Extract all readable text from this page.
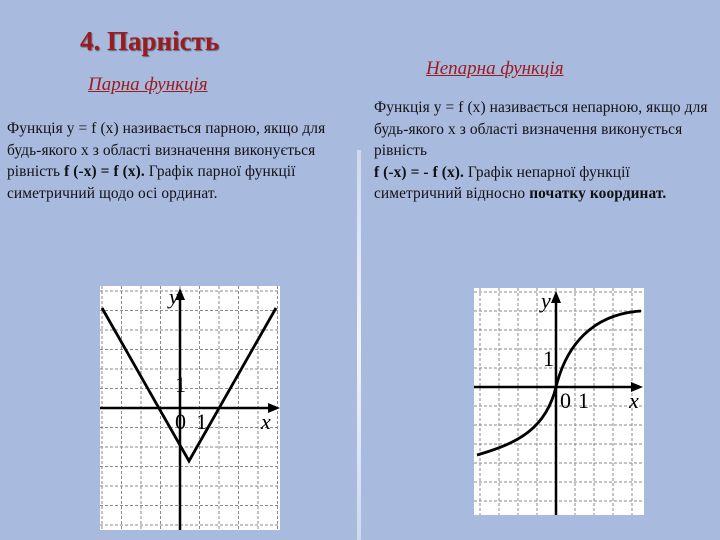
4. Парність
Парна функція

Функція y = f (x) називається парною, якщо для будь-якого x з області визначення виконується рівність f (-x) = f (x). Графік парної функції симетричний щодо осі ординат.

Непарна функція

Функція y = f (x) називається непарною, якщо для будь-якого x з області визначення виконується рівність
f (-x) = - f (x). Графік непарної функції симетричний відносно початку координат.

y
x
1
0 1
y
x
1
0 1
